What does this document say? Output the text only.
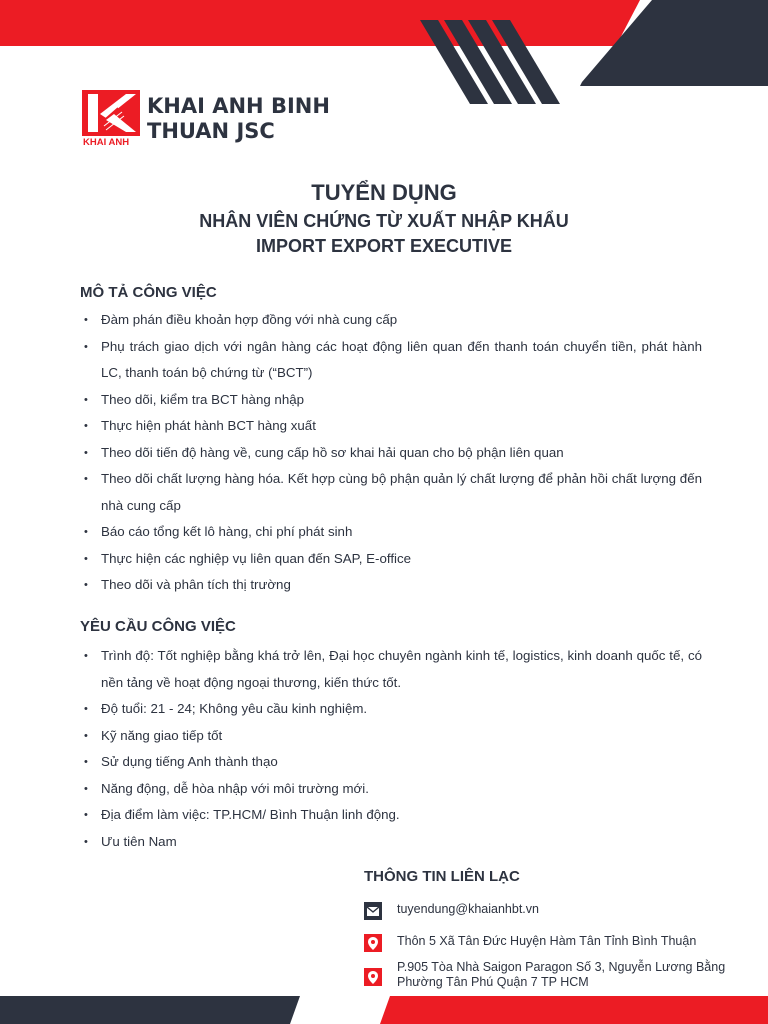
KHAI ANH
KHAI ANH BINH
THUAN JSC
TUYỂN DỤNG
NHÂN VIÊN CHỨNG TỪ XUẤT NHẬP KHẨU
IMPORT EXPORT EXECUTIVE
MÔ TẢ CÔNG VIỆC
• Đàm phán điều khoản hợp đồng với nhà cung cấp
• Phụ trách giao dịch với ngân hàng các hoạt động liên quan đến thanh toán chuyển tiền, phát hành LC, thanh toán bộ chứng từ (“BCT”)
• Theo dõi, kiểm tra BCT hàng nhập
• Thực hiện phát hành BCT hàng xuất
• Theo dõi tiến độ hàng về, cung cấp hồ sơ khai hải quan cho bộ phận liên quan
• Theo dõi chất lượng hàng hóa. Kết hợp cùng bộ phận quản lý chất lượng để phản hồi chất lượng đến nhà cung cấp
• Báo cáo tổng kết lô hàng, chi phí phát sinh
• Thực hiện các nghiệp vụ liên quan đến SAP, E-office
• Theo dõi và phân tích thị trường
YÊU CẦU CÔNG VIỆC
• Trình độ: Tốt nghiệp bằng khá trở lên, Đại học chuyên ngành kinh tế, logistics, kinh doanh quốc tế, có nền tảng về hoạt động ngoại thương, kiến thức tốt.
• Độ tuổi: 21 - 24; Không yêu cầu kinh nghiệm.
• Kỹ năng giao tiếp tốt
• Sử dụng tiếng Anh thành thạo
• Năng động, dễ hòa nhập với môi trường mới.
• Địa điểm làm việc: TP.HCM/ Bình Thuận linh động.
• Ưu tiên Nam
THÔNG TIN LIÊN LẠC
tuyendung@khaianhbt.vn
Thôn 5 Xã Tân Đức Huyện Hàm Tân Tỉnh Bình Thuận
P.905 Tòa Nhà Saigon Paragon Số 3, Nguyễn Lương Bằng
Phường Tân Phú Quận 7 TP HCM
